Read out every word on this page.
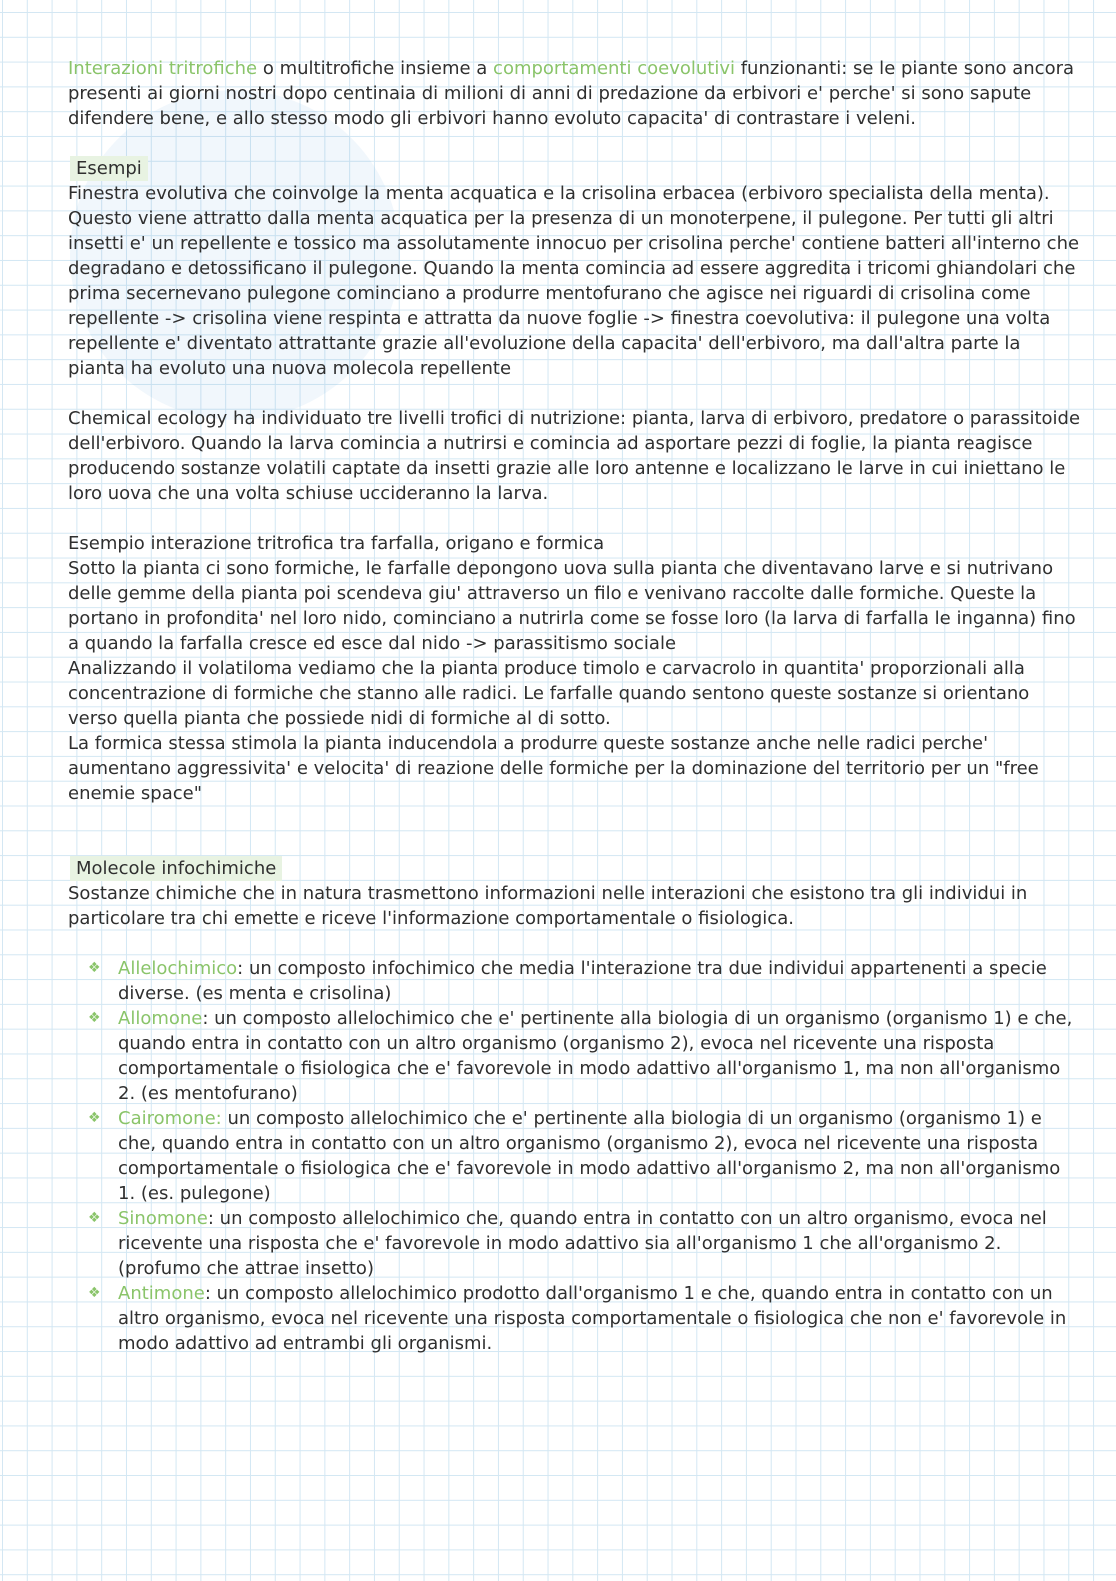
Interazioni tritrofiche o multitrofiche insieme a comportamenti coevolutivi funzionanti: se le piante sono ancora presenti ai giorni nostri dopo centinaia di milioni di anni di predazione da erbivori e' perche' si sono sapute difendere bene, e allo stesso modo gli erbivori hanno evoluto capacita' di contrastare i veleni.

Esempi

Finestra evolutiva che coinvolge la menta acquatica e la crisolina erbacea (erbivoro specialista della menta). Questo viene attratto dalla menta acquatica per la presenza di un monoterpene, il pulegone. Per tutti gli altri insetti e' un repellente e tossico ma assolutamente innocuo per crisolina perche' contiene batteri all'interno che degradano e detossificano il pulegone. Quando la menta comincia ad essere aggredita i tricomi ghiandolari che prima secernevano pulegone cominciano a produrre mentofurano che agisce nei riguardi di crisolina come repellente -> crisolina viene respinta e attratta da nuove foglie -> finestra coevolutiva: il pulegone una volta repellente e' diventato attrattante grazie all'evoluzione della capacita' dell'erbivoro, ma dall'altra parte la pianta ha evoluto una nuova molecola repellente

Chemical ecology ha individuato tre livelli trofici di nutrizione: pianta, larva di erbivoro, predatore o parassitoide dell'erbivoro. Quando la larva comincia a nutrirsi e comincia ad asportare pezzi di foglie, la pianta reagisce producendo sostanze volatili captate da insetti grazie alle loro antenne e localizzano le larve in cui iniettano le loro uova che una volta schiuse uccideranno la larva.

Esempio interazione tritrofica tra farfalla, origano e formica

Sotto la pianta ci sono formiche, le farfalle depongono uova sulla pianta che diventavano larve e si nutrivano delle gemme della pianta poi scendeva giu' attraverso un filo e venivano raccolte dalle formiche. Queste la portano in profondita' nel loro nido, cominciano a nutrirla come se fosse loro (la larva di farfalla le inganna) fino a quando la farfalla cresce ed esce dal nido -> parassitismo sociale

Analizzando il volatiloma vediamo che la pianta produce timolo e carvacrolo in quantita' proporzionali alla concentrazione di formiche che stanno alle radici. Le farfalle quando sentono queste sostanze si orientano verso quella pianta che possiede nidi di formiche al di sotto.

La formica stessa stimola la pianta inducendola a produrre queste sostanze anche nelle radici perche' aumentano aggressivita' e velocita' di reazione delle formiche per la dominazione del territorio per un "free enemie space"

Molecole infochimiche

Sostanze chimiche che in natura trasmettono informazioni nelle interazioni che esistono tra gli individui in particolare tra chi emette e riceve l'informazione comportamentale o fisiologica.

❖ Allelochimico: un composto infochimico che media l'interazione tra due individui appartenenti a specie diverse. (es menta e crisolina)
❖ Allomone: un composto allelochimico che e' pertinente alla biologia di un organismo (organismo 1) e che, quando entra in contatto con un altro organismo (organismo 2), evoca nel ricevente una risposta comportamentale o fisiologica che e' favorevole in modo adattivo all'organismo 1, ma non all'organismo 2. (es mentofurano)
❖ Cairomone: un composto allelochimico che e' pertinente alla biologia di un organismo (organismo 1) e che, quando entra in contatto con un altro organismo (organismo 2), evoca nel ricevente una risposta comportamentale o fisiologica che e' favorevole in modo adattivo all'organismo 2, ma non all'organismo 1. (es. pulegone)
❖ Sinomone: un composto allelochimico che, quando entra in contatto con un altro organismo, evoca nel ricevente una risposta che e' favorevole in modo adattivo sia all'organismo 1 che all'organismo 2. (profumo che attrae insetto)
❖ Antimone: un composto allelochimico prodotto dall'organismo 1 e che, quando entra in contatto con un altro organismo, evoca nel ricevente una risposta comportamentale o fisiologica che non e' favorevole in modo adattivo ad entrambi gli organismi.
